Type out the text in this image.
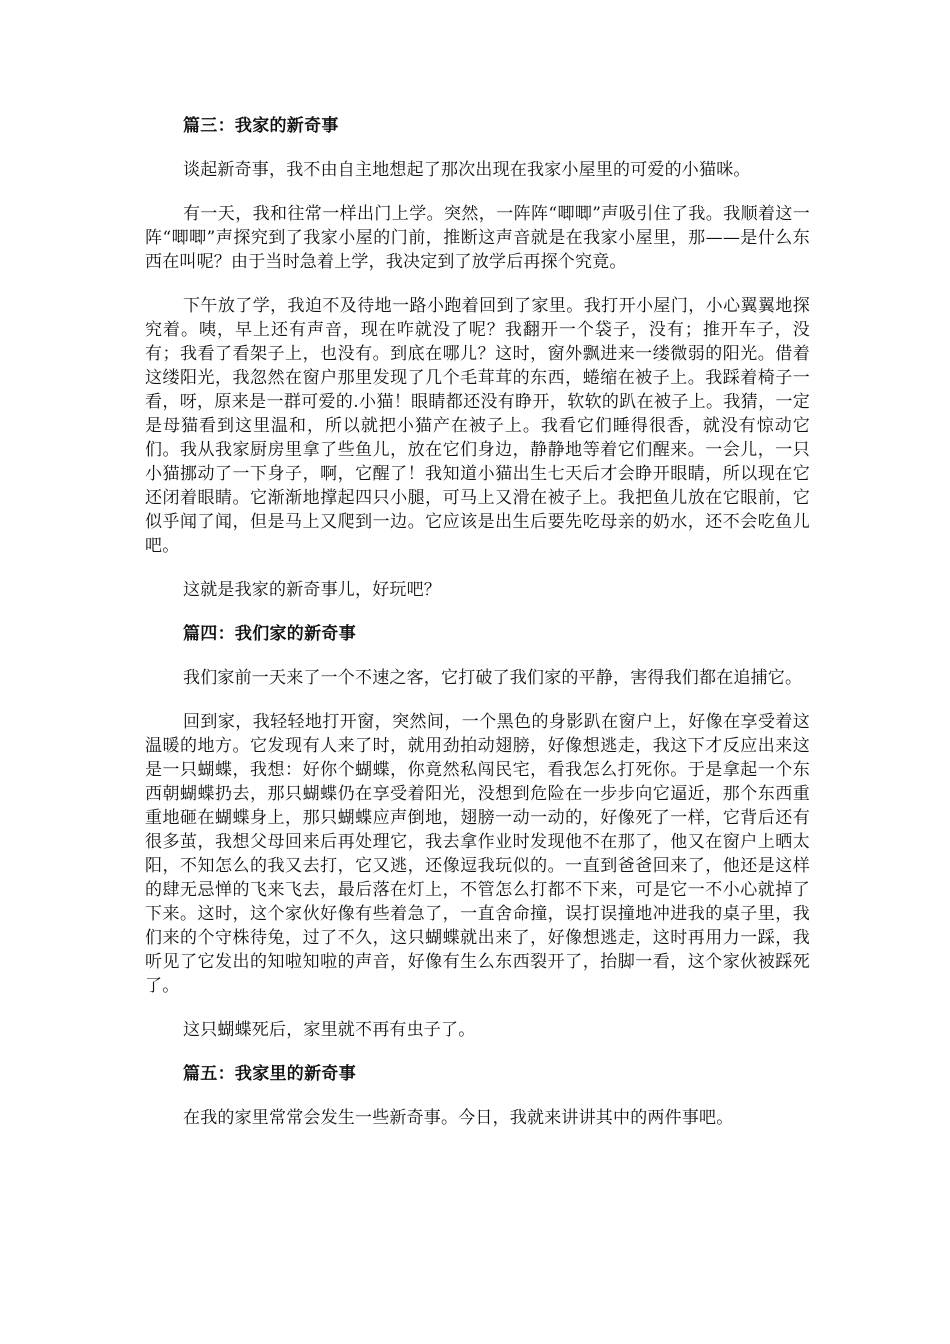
篇三：我家的新奇事

谈起新奇事，我不由自主地想起了那次出现在我家小屋里的可爱的小猫咪。

有一天，我和往常一样出门上学。突然，一阵阵“唧唧”声吸引住了我。我顺着这一阵“唧唧”声探究到了我家小屋的门前，推断这声音就是在我家小屋里，那——是什么东西在叫呢？由于当时急着上学，我决定到了放学后再探个究竟。

下午放了学，我迫不及待地一路小跑着回到了家里。我打开小屋门，小心翼翼地探究着。咦，早上还有声音，现在咋就没了呢？我翻开一个袋子，没有；推开车子，没有；我看了看架子上，也没有。到底在哪儿？这时，窗外飘进来一缕微弱的阳光。借着这缕阳光，我忽然在窗户那里发现了几个毛茸茸的东西，蜷缩在被子上。我踩着椅子一看，呀，原来是一群可爱的.小猫！眼睛都还没有睁开，软软的趴在被子上。我猜，一定是母猫看到这里温和，所以就把小猫产在被子上。我看它们睡得很香，就没有惊动它们。我从我家厨房里拿了些鱼儿，放在它们身边，静静地等着它们醒来。一会儿，一只小猫挪动了一下身子，啊，它醒了！我知道小猫出生七天后才会睁开眼睛，所以现在它还闭着眼睛。它渐渐地撑起四只小腿，可马上又滑在被子上。我把鱼儿放在它眼前，它似乎闻了闻，但是马上又爬到一边。它应该是出生后要先吃母亲的奶水，还不会吃鱼儿吧。

这就是我家的新奇事儿，好玩吧？

篇四：我们家的新奇事

我们家前一天来了一个不速之客，它打破了我们家的平静，害得我们都在追捕它。

回到家，我轻轻地打开窗，突然间，一个黑色的身影趴在窗户上，好像在享受着这温暖的地方。它发现有人来了时，就用劲拍动翅膀，好像想逃走，我这下才反应出来这是一只蝴蝶，我想：好你个蝴蝶，你竟然私闯民宅，看我怎么打死你。于是拿起一个东西朝蝴蝶扔去，那只蝴蝶仍在享受着阳光，没想到危险在一步步向它逼近，那个东西重重地砸在蝴蝶身上，那只蝴蝶应声倒地，翅膀一动一动的，好像死了一样，它背后还有很多茧，我想父母回来后再处理它，我去拿作业时发现他不在那了，他又在窗户上晒太阳，不知怎么的我又去打，它又逃，还像逗我玩似的。一直到爸爸回来了，他还是这样的肆无忌惮的飞来飞去，最后落在灯上，不管怎么打都不下来，可是它一不小心就掉了下来。这时，这个家伙好像有些着急了，一直舍命撞，误打误撞地冲进我的桌子里，我们来的个守株待兔，过了不久，这只蝴蝶就出来了，好像想逃走，这时再用力一踩，我听见了它发出的知啦知啦的声音，好像有生么东西裂开了，抬脚一看，这个家伙被踩死了。

这只蝴蝶死后，家里就不再有虫子了。

篇五：我家里的新奇事

在我的家里常常会发生一些新奇事。今日，我就来讲讲其中的两件事吧。
